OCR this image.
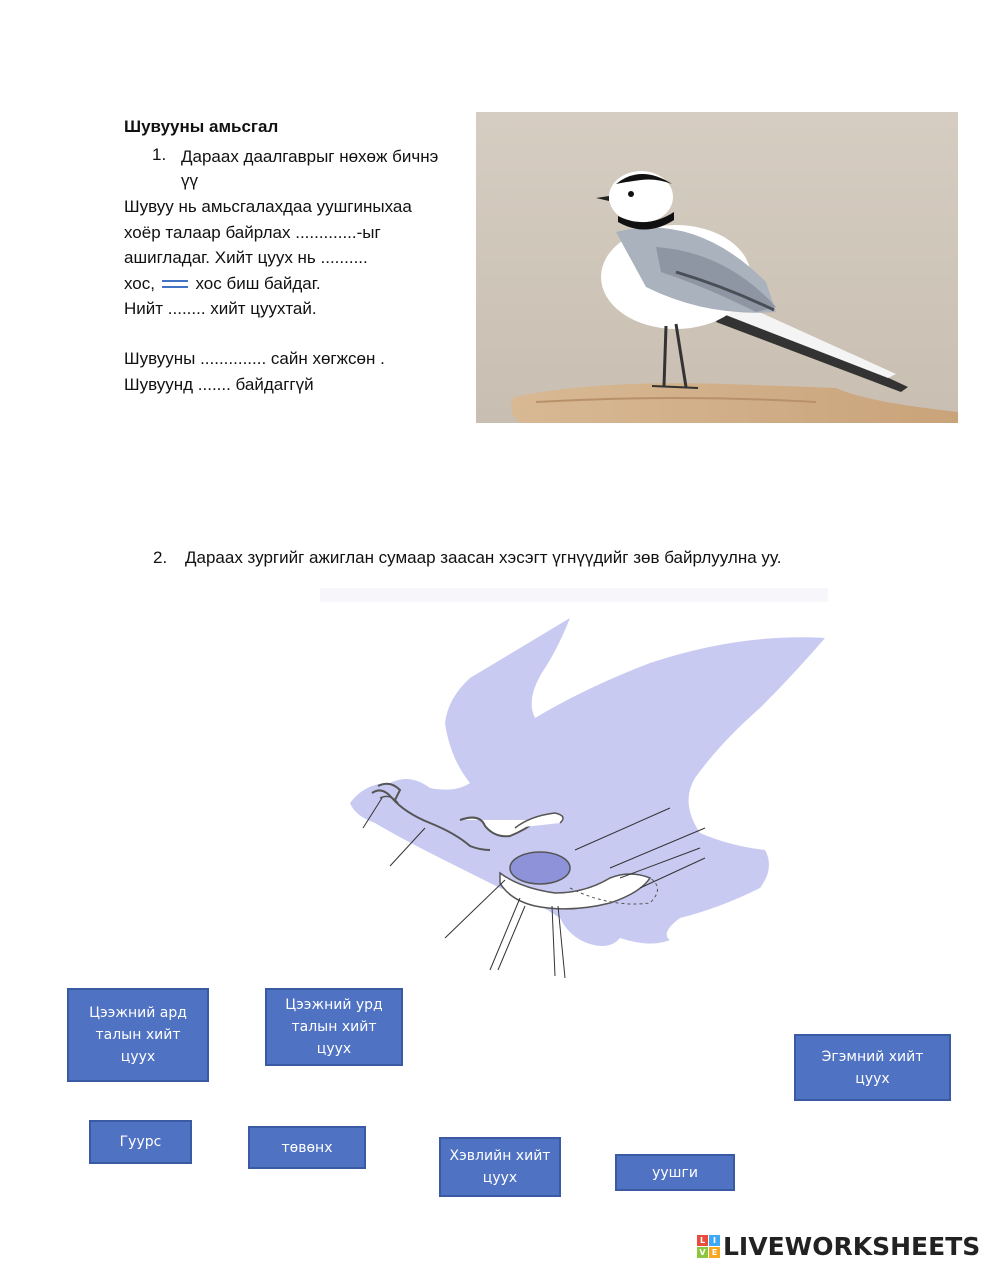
Шувууны амьсгал
1. Дараах даалгаврыг нөхөж бичнэ үү
Шувуу нь амьсгалахдаа уушгиныхаа
хоёр талаар байрлах .............-ыг
ашигладаг. Хийт цуух нь ..........
хос, хос биш байдаг.
Нийт ........ хийт цуухтай.
Шувууны .............. сайн хөгжсөн .
Шувуунд ....... байдаггүй
2. Дараах зургийг ажиглан сумаар заасан хэсэгт үгнүүдийг зөв байрлуулна уу.
Цээжний ард талын хийт цуух
Цээжний урд талын хийт цуух	Эгэмний хийт цуух
Гуурс	төвөнх
Хэвлийн хийт цуух	уушги
L I
V E LIVEWORKSHEETS
